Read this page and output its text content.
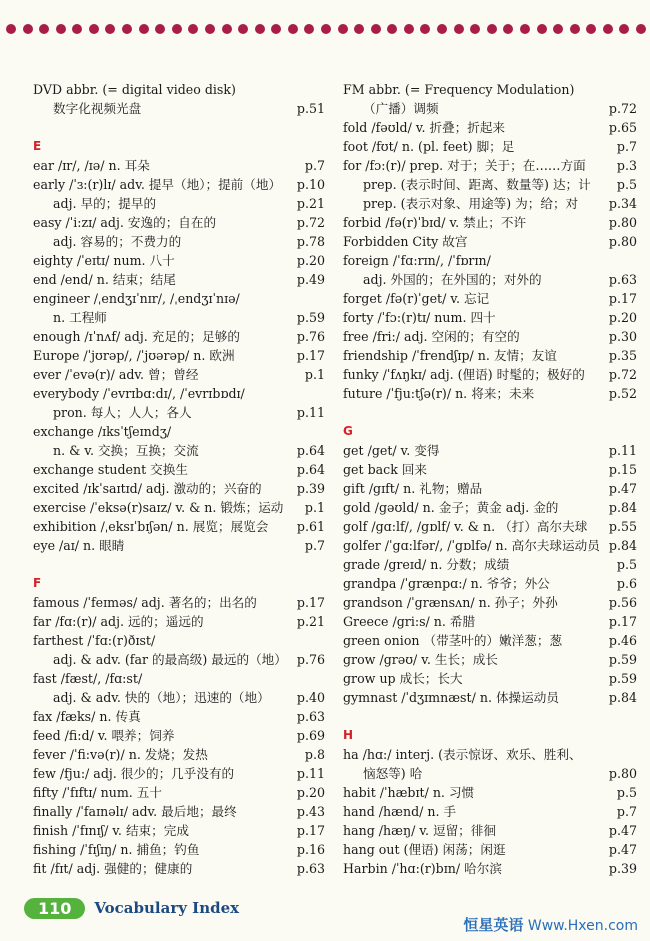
DVD abbr. (= digital video disk)
数字化视频光盘	p.51
E
ear /ɪr/, /ɪə/ n. 耳朵	p.7
early /ˈɜ:(r)lɪ/ adv. 提早（地）；提前（地） p.10
adj. 早的；提早的	p.21
easy /ˈi:zɪ/ adj. 安逸的；自在的	p.72
adj. 容易的；不费力的	p.78
eighty /ˈeɪtɪ/ num. 八十	p.20
end /end/ n. 结束；结尾	p.49
engineer /ˌendʒɪˈnɪr/, /ˌendʒɪˈnɪə/
n. 工程师	p.59
enough /ɪˈnʌf/ adj. 充足的；足够的	p.76
Europe /ˈjʊrəp/, /ˈjʊərəp/ n. 欧洲	p.17
ever /ˈevə(r)/ adv. 曾；曾经	p.1
everybody /ˈevrɪbɑ:dɪ/, /ˈevrɪbɒdɪ/
pron. 每人；人人；各人	p.11
exchange /ɪksˈtʃeɪndʒ/
n. & v. 交换；互换；交流	p.64
exchange student 交换生	p.64
excited /ɪkˈsaɪtɪd/ adj. 激动的；兴奋的	p.39
exercise /ˈeksə(r)saɪz/ v. & n. 锻炼；运动 p.1
exhibition /ˌeksɪˈbɪʃən/ n. 展览；展览会 p.61
eye /aɪ/ n. 眼睛	p.7
F
famous /ˈfeɪməs/ adj. 著名的；出名的	p.17
far /fɑ:(r)/ adj. 远的；遥远的	p.21
farthest /ˈfɑ:(r)ðɪst/
adj. & adv. (far 的最高级) 最远的（地） p.76
fast /fæst/, /fɑ:st/
adj. & adv. 快的（地）；迅速的（地） p.40
fax /fæks/ n. 传真	p.63
feed /fi:d/ v. 喂养；饲养	p.69
fever /ˈfi:və(r)/ n. 发烧；发热	p.8
few /fju:/ adj. 很少的；几乎没有的	p.11
fifty /ˈfɪftɪ/ num. 五十	p.20
finally /ˈfaɪnəlɪ/ adv. 最后地；最终	p.43
finish /ˈfɪnɪʃ/ v. 结束；完成	p.17
fishing /ˈfɪʃɪŋ/ n. 捕鱼；钓鱼	p.16
fit /fɪt/ adj. 强健的；健康的	p.63
FM abbr. (= Frequency Modulation)
（广播）调频	p.72
fold /fəʊld/ v. 折叠；折起来	p.65
foot /fʊt/ n. (pl. feet) 脚；足	p.7
for /fɔ:(r)/ prep. 对于；关于；在……方面 p.3
prep. (表示时间、距离、数量等) 达；计 p.5
prep. (表示对象、用途等) 为；给；对 p.34
forbid /fə(r)ˈbɪd/ v. 禁止；不许	p.80
Forbidden City 故宫	p.80
foreign /ˈfɑ:rɪn/, /ˈfɒrɪn/
adj. 外国的；在外国的；对外的	p.63
forget /fə(r)ˈget/ v. 忘记	p.17
forty /ˈfɔ:(r)tɪ/ num. 四十	p.20
free /fri:/ adj. 空闲的；有空的	p.30
friendship /ˈfrendʃɪp/ n. 友情；友谊	p.35
funky /ˈfʌŋkɪ/ adj. (俚语) 时髦的；极好的 p.72
future /ˈfju:tʃə(r)/ n. 将来；未来	p.52
G
get /get/ v. 变得	p.11
get back 回来	p.15
gift /gɪft/ n. 礼物；赠品	p.47
gold /gəʊld/ n. 金子；黄金 adj. 金的	p.84
golf /gɑ:lf/, /gɒlf/ v. & n. （打）高尔夫球 p.55
golfer /ˈgɑ:lfər/, /ˈgɒlfə/ n. 高尔夫球运动员 p.84
grade /greɪd/ n. 分数；成绩	p.5
grandpa /ˈgrænpɑ:/ n. 爷爷；外公	p.6
grandson /ˈgrænsʌn/ n. 孙子；外孙	p.56
Greece /gri:s/ n. 希腊	p.17
green onion （带茎叶的）嫩洋葱；葱	p.46
grow /grəʊ/ v. 生长；成长	p.59
grow up 成长；长大	p.59
gymnast /ˈdʒɪmnæst/ n. 体操运动员	p.84
H
ha /hɑ:/ interj. (表示惊讶、欢乐、胜利、
恼怒等) 哈	p.80
habit /ˈhæbɪt/ n. 习惯	p.5
hand /hænd/ n. 手	p.7
hang /hæŋ/ v. 逗留；徘徊	p.47
hang out (俚语) 闲荡；闲逛	p.47
Harbin /ˈhɑ:(r)bɪn/ 哈尔滨	p.39
110	Vocabulary Index
恒星英语 Www.Hxen.com
